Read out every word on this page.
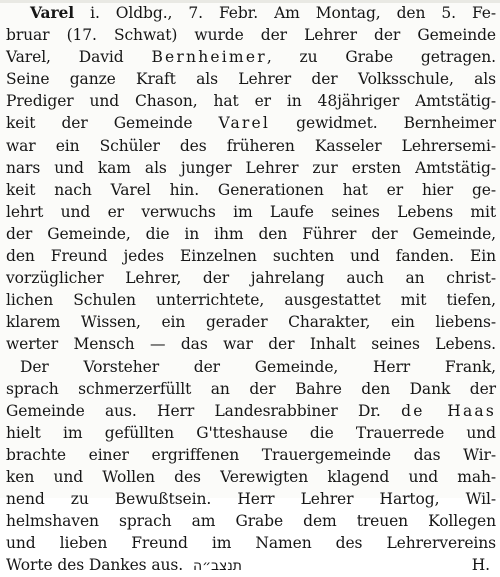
Varel i. Oldbg., 7. Febr. Am Montag, den 5. Fe-
bruar (17. Schwat) wurde der Lehrer der Gemeinde
Varel, David Bernheimer, zu Grabe getragen.
Seine ganze Kraft als Lehrer der Volksschule, als
Prediger und Chason, hat er in 48jähriger Amtstätig-
keit der Gemeinde Varel gewidmet. Bernheimer
war ein Schüler des früheren Kasseler Lehrersemi-
nars und kam als junger Lehrer zur ersten Amtstätig-
keit nach Varel hin. Generationen hat er hier ge-
lehrt und er verwuchs im Laufe seines Lebens mit
der Gemeinde, die in ihm den Führer der Gemeinde,
den Freund jedes Einzelnen suchten und fanden. Ein
vorzüglicher Lehrer, der jahrelang auch an christ-
lichen Schulen unterrichtete, ausgestattet mit tiefen,
klarem Wissen, ein gerader Charakter, ein liebens-
werter Mensch — das war der Inhalt seines Lebens.
Der Vorsteher der Gemeinde, Herr Frank,
sprach schmerzerfüllt an der Bahre den Dank der
Gemeinde aus. Herr Landesrabbiner Dr. de Haas
hielt im gefüllten G'tteshause die Trauerrede und
brachte einer ergriffenen Trauergemeinde das Wir-
ken und Wollen des Verewigten klagend und mah-
nend zu Bewußtsein. Herr Lehrer Hartog, Wil-
helmshaven sprach am Grabe dem treuen Kollegen
und lieben Freund im Namen des Lehrervereins
Worte des Dankes aus. תנצב״ה	H.
